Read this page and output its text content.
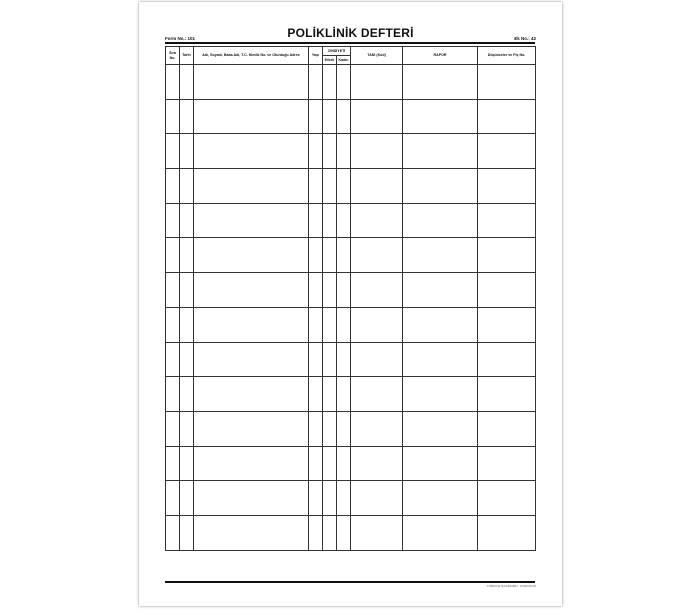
POLİKLİNİK DEFTERİ
Form No.: 101	Ek No.: 42
Sıra No.	Tarih	Adı, Soyadı, Baba Adı, T.C. Kimlik No. ve Oturduğu Adres	Yaşı	CİNSİYETİ		TANI (Kod)	RAPOR	Düşünceler ve Fiş No.
				Erkek	Kadın			

TÜRKİYE İŞ KURUMU · 0 000 00 00
